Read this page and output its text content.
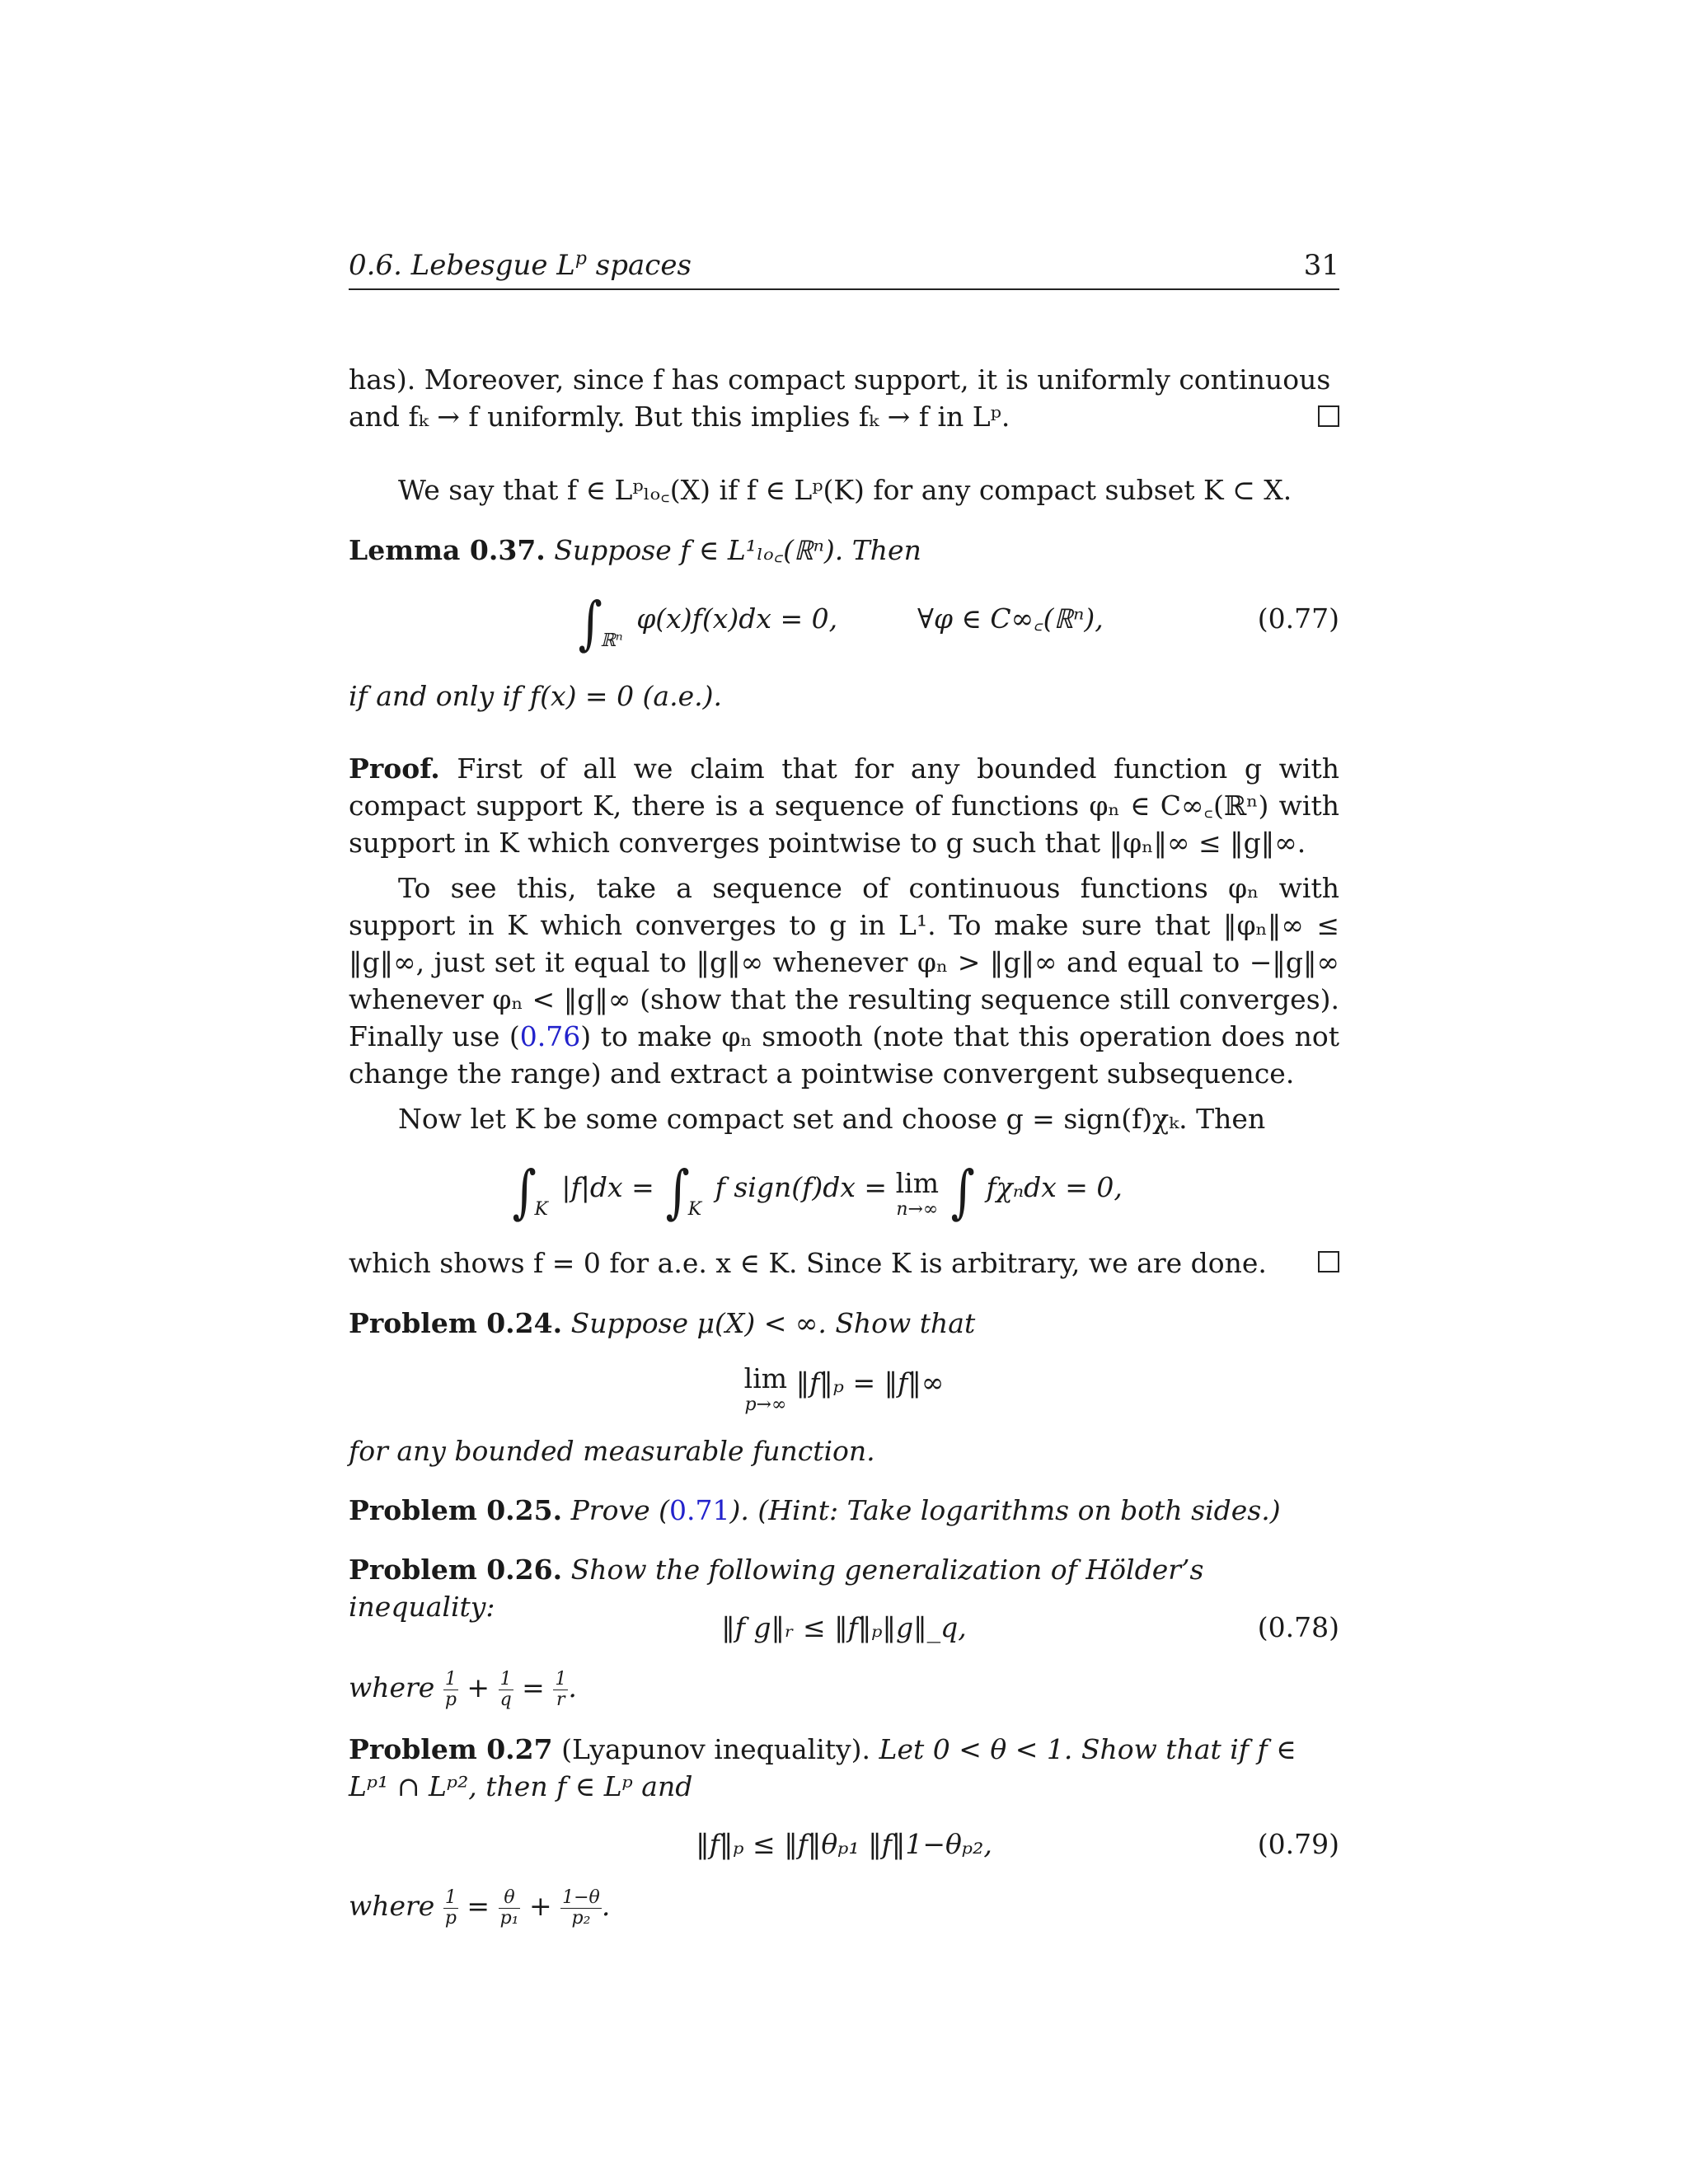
0.6. Lebesgue $L^p$ spaces	31
has). Moreover, since f has compact support, it is uniformly continuous
and fₖ → f uniformly. But this implies fₖ → f in Lᵖ.
We say that f ∈ Lᵖₗₒ꜀(X) if f ∈ Lᵖ(K) for any compact subset K ⊂ X.
Lemma 0.37. Suppose f ∈ L¹ₗₒ꜀(ℝⁿ). Then
$\int_{ℝ^n}$ φ(x)f(x)dx = 0,	∀φ ∈ C∞꜀(ℝⁿ),	(0.77)
if and only if f(x) = 0 (a.e.).
Proof. First of all we claim that for any bounded function g with compact support K, there is a sequence of functions φₙ ∈ C∞꜀(ℝⁿ) with support in K which converges pointwise to g such that ‖φₙ‖∞ ≤ ‖g‖∞.
To see this, take a sequence of continuous functions φₙ with support in K which converges to g in L¹. To make sure that ‖φₙ‖∞ ≤ ‖g‖∞, just set it equal to ‖g‖∞ whenever φₙ > ‖g‖∞ and equal to −‖g‖∞ whenever φₙ < ‖g‖∞ (show that the resulting sequence still converges). Finally use (0.76) to make φₙ smooth (note that this operation does not change the range) and extract a pointwise convergent subsequence.
Now let K be some compact set and choose g = sign(f)χₖ. Then
$\int_K$ $|f|dx = \int_K$ f sign(f)dx = lim
n→∞ ∫ fχₙdx = 0,
which shows f = 0 for a.e. x ∈ K. Since K is arbitrary, we are done.
Problem 0.24. Suppose μ(X) < ∞. Show that
lim
p→∞
‖f‖ₚ = ‖f‖∞
for any bounded measurable function.
Problem 0.25. Prove (0.71). (Hint: Take logarithms on both sides.)
Problem 0.26. Show the following generalization of Hölder’s inequality:
‖f g‖ᵣ ≤ ‖f‖ₚ‖g‖_q,	(0.78)
where $\frac{1}{p} + \frac{1}{q} = \frac{1}{r}$ .
Problem 0.27 (Lyapunov inequality). Let 0 < θ < 1. Show that if f ∈
Lᵖ¹ ∩ Lᵖ², then f ∈ Lᵖ and
‖f‖ₚ ≤ ‖f‖θₚ₁ ‖f‖1−θₚ₂,	(0.79)
where $\frac{1}{p} = \frac{\theta}{\text{p₁}} + \frac{1-\theta}{\text{p₂}}$ .
